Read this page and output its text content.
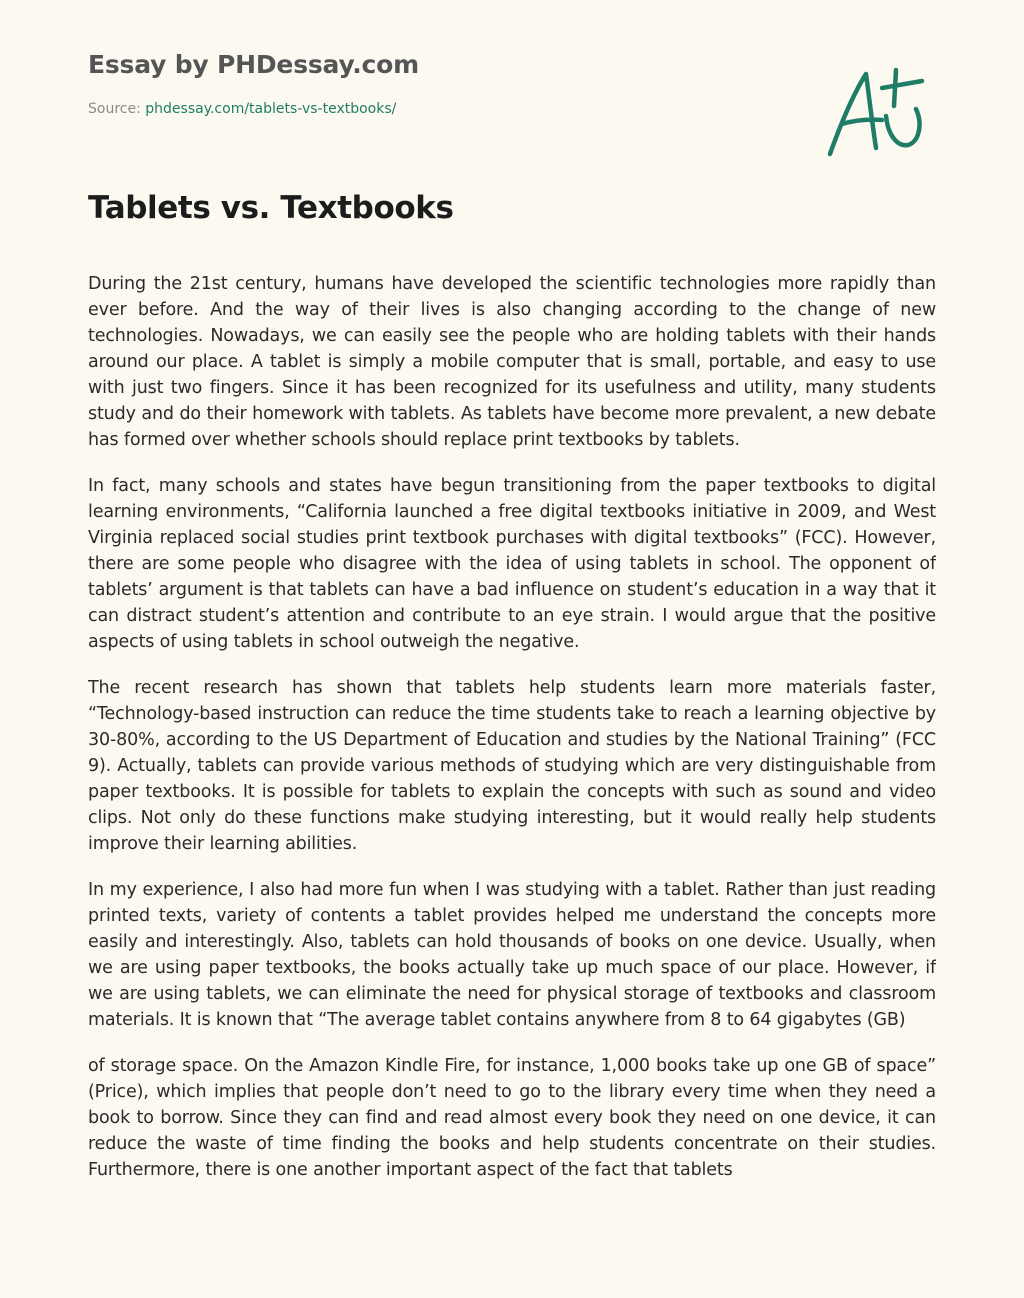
Essay by PHDessay.com
Source: phdessay.com/tablets-vs-textbooks/
Tablets vs. Textbooks

During the 21st century, humans have developed the scientific technologies more rapidly than ever before. And the way of their lives is also changing according to the change of new technologies. Nowadays, we can easily see the people who are holding tablets with their hands around our place. A tablet is simply a mobile computer that is small, portable, and easy to use with just two fingers. Since it has been recognized for its usefulness and utility, many students study and do their homework with tablets. As tablets have become more prevalent, a new debate has formed over whether schools should replace print textbooks by tablets.

In fact, many schools and states have begun transitioning from the paper textbooks to digital learning environments, “California launched a free digital textbooks initiative in 2009, and West Virginia replaced social studies print textbook purchases with digital textbooks” (FCC). However, there are some people who disagree with the idea of using tablets in school. The opponent of tablets’ argument is that tablets can have a bad influence on student’s education in a way that it can distract student’s attention and contribute to an eye strain. I would argue that the positive aspects of using tablets in school outweigh the negative.

The recent research has shown that tablets help students learn more materials faster, “Technology-based instruction can reduce the time students take to reach a learning objective by 30-80%, according to the US Department of Education and studies by the National Training” (FCC 9). Actually, tablets can provide various methods of studying which are very distinguishable from paper textbooks. It is possible for tablets to explain the concepts with such as sound and video clips. Not only do these functions make studying interesting, but it would really help students improve their learning abilities.

In my experience, I also had more fun when I was studying with a tablet. Rather than just reading printed texts, variety of contents a tablet provides helped me understand the concepts more easily and interestingly. Also, tablets can hold thousands of books on one device. Usually, when we are using paper textbooks, the books actually take up much space of our place. However, if we are using tablets, we can eliminate the need for physical storage of textbooks and classroom materials. It is known that “The average tablet contains anywhere from 8 to 64 gigabytes (GB)

of storage space. On the Amazon Kindle Fire, for instance, 1,000 books take up one GB of space” (Price), which implies that people don’t need to go to the library every time when they need a book to borrow. Since they can find and read almost every book they need on one device, it can reduce the waste of time finding the books and help students concentrate on their studies. Furthermore, there is one another important aspect of the fact that tablets
